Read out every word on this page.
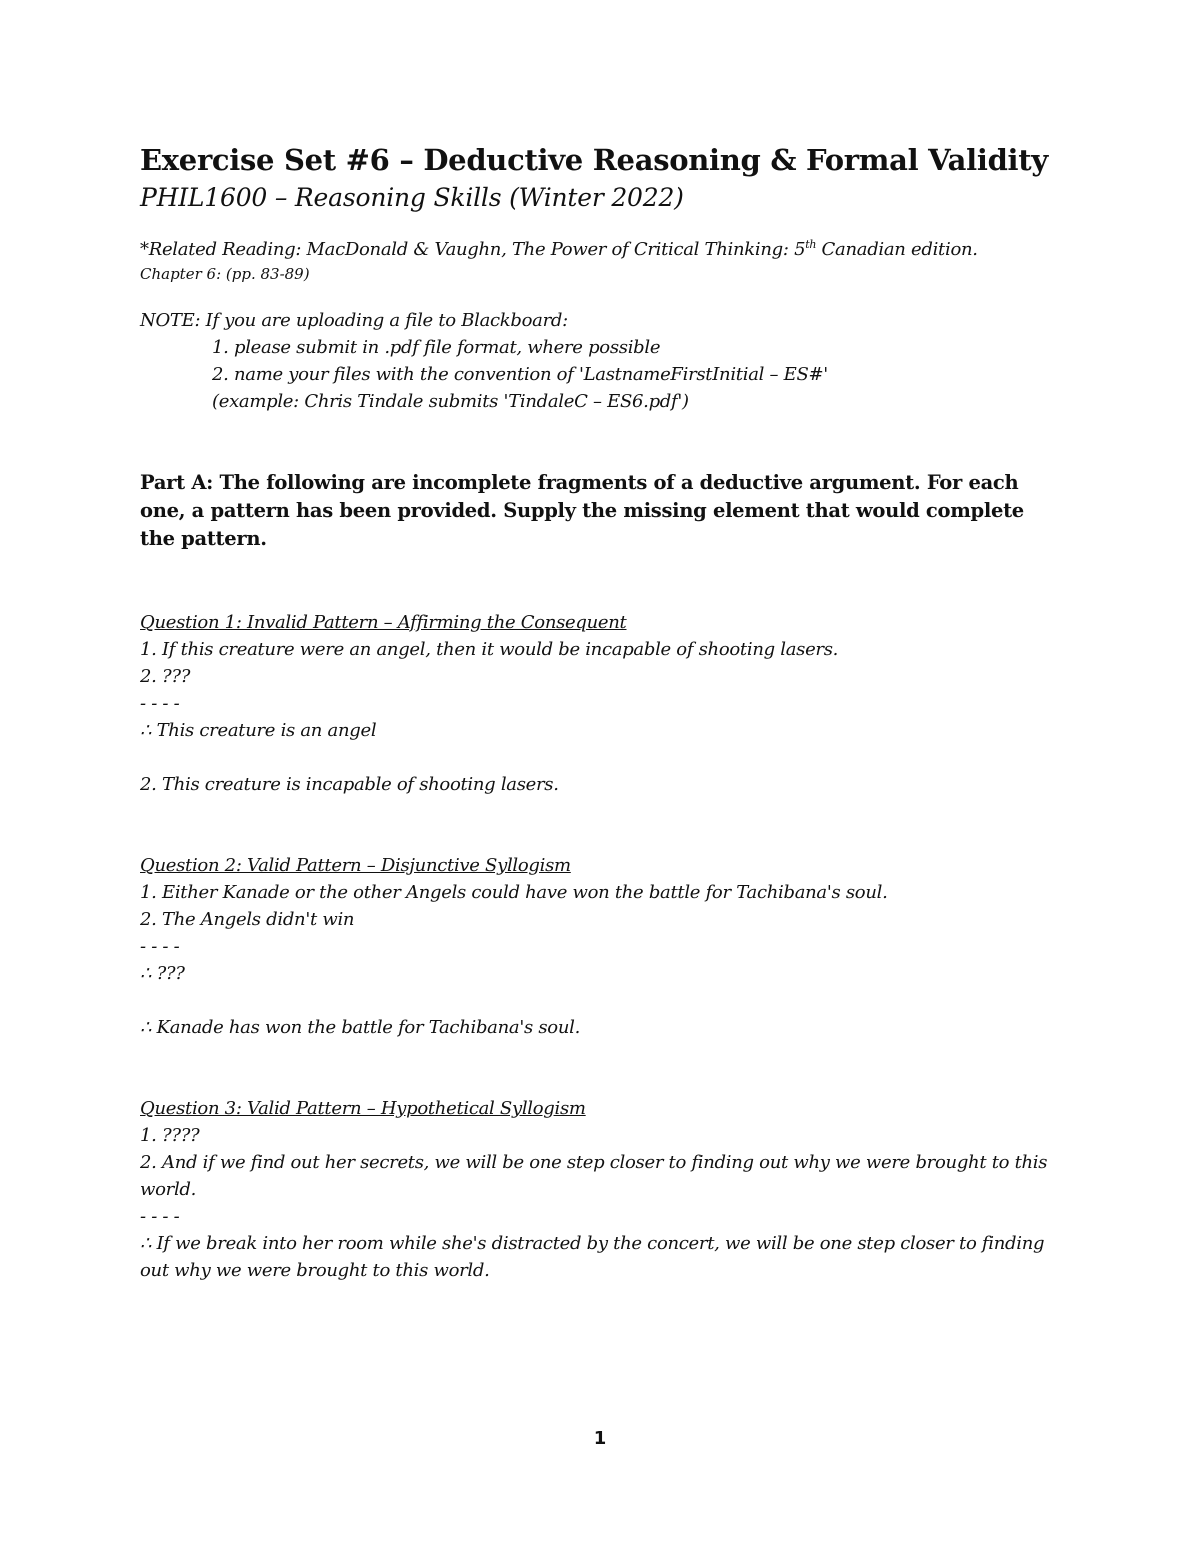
Exercise Set #6 – Deductive Reasoning & Formal Validity

PHIL1600 – Reasoning Skills (Winter 2022)

*Related Reading: MacDonald & Vaughn, The Power of Critical Thinking: 5th Canadian edition.
Chapter 6: (pp. 83-89)
NOTE: If you are uploading a file to Blackboard:
1. please submit in .pdf file format, where possible
2. name your files with the convention of 'LastnameFirstInitial – ES#'
(example: Chris Tindale submits 'TindaleC – ES6.pdf')
Part A: The following are incomplete fragments of a deductive argument. For each one, a pattern has been provided. Supply the missing element that would complete the pattern.
Question 1: Invalid Pattern – Affirming the Consequent
1. If this creature were an angel, then it would be incapable of shooting lasers.
2. ???
- - - -
∴ This creature is an angel
2. This creature is incapable of shooting lasers.
Question 2: Valid Pattern – Disjunctive Syllogism
1. Either Kanade or the other Angels could have won the battle for Tachibana's soul.
2. The Angels didn't win
- - - -
∴ ???
∴ Kanade has won the battle for Tachibana's soul.
Question 3: Valid Pattern – Hypothetical Syllogism
1. ????
2. And if we find out her secrets, we will be one step closer to finding out why we were brought to this world.
- - - -
∴ If we break into her room while she's distracted by the concert, we will be one step closer to finding out why we were brought to this world.
1
